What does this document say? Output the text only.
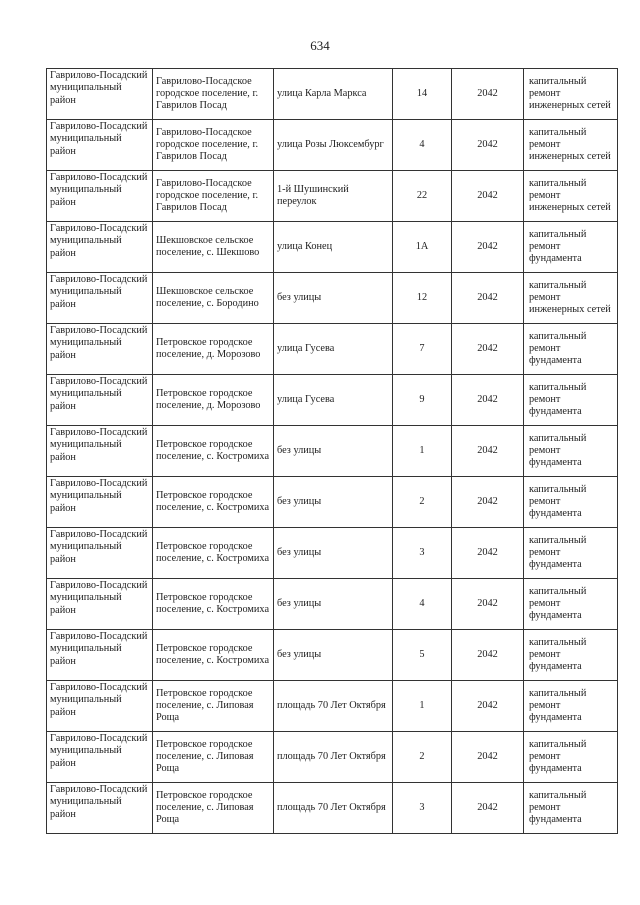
634
Гаврилово-Посадский муниципальный район	Гаврилово-Посадское городское поселение, г. Гаврилов Посад	улица Карла Маркса	14	2042	капитальный ремонт инженерных сетей
Гаврилово-Посадский муниципальный район	Гаврилово-Посадское городское поселение, г. Гаврилов Посад	улица Розы Люксембург	4	2042	капитальный ремонт инженерных сетей
Гаврилово-Посадский муниципальный район	Гаврилово-Посадское городское поселение, г. Гаврилов Посад	1-й Шушинский переулок	22	2042	капитальный ремонт инженерных сетей
Гаврилово-Посадский муниципальный район	Шекшовское сельское поселение, с. Шекшово	улица Конец	1А	2042	капитальный ремонт фундамента
Гаврилово-Посадский муниципальный район	Шекшовское сельское поселение, с. Бородино	без улицы	12	2042	капитальный ремонт инженерных сетей
Гаврилово-Посадский муниципальный район	Петровское городское поселение, д. Морозово	улица Гусева	7	2042	капитальный ремонт фундамента
Гаврилово-Посадский муниципальный район	Петровское городское поселение, д. Морозово	улица Гусева	9	2042	капитальный ремонт фундамента
Гаврилово-Посадский муниципальный район	Петровское городское поселение, с. Костромиха	без улицы	1	2042	капитальный ремонт фундамента
Гаврилово-Посадский муниципальный район	Петровское городское поселение, с. Костромиха	без улицы	2	2042	капитальный ремонт фундамента
Гаврилово-Посадский муниципальный район	Петровское городское поселение, с. Костромиха	без улицы	3	2042	капитальный ремонт фундамента
Гаврилово-Посадский муниципальный район	Петровское городское поселение, с. Костромиха	без улицы	4	2042	капитальный ремонт фундамента
Гаврилово-Посадский муниципальный район	Петровское городское поселение, с. Костромиха	без улицы	5	2042	капитальный ремонт фундамента
Гаврилово-Посадский муниципальный район	Петровское городское поселение, с. Липовая Роща	площадь 70 Лет Октября	1	2042	капитальный ремонт фундамента
Гаврилово-Посадский муниципальный район	Петровское городское поселение, с. Липовая Роща	площадь 70 Лет Октября	2	2042	капитальный ремонт фундамента
Гаврилово-Посадский муниципальный район	Петровское городское поселение, с. Липовая Роща	площадь 70 Лет Октября	3	2042	капитальный ремонт фундамента
